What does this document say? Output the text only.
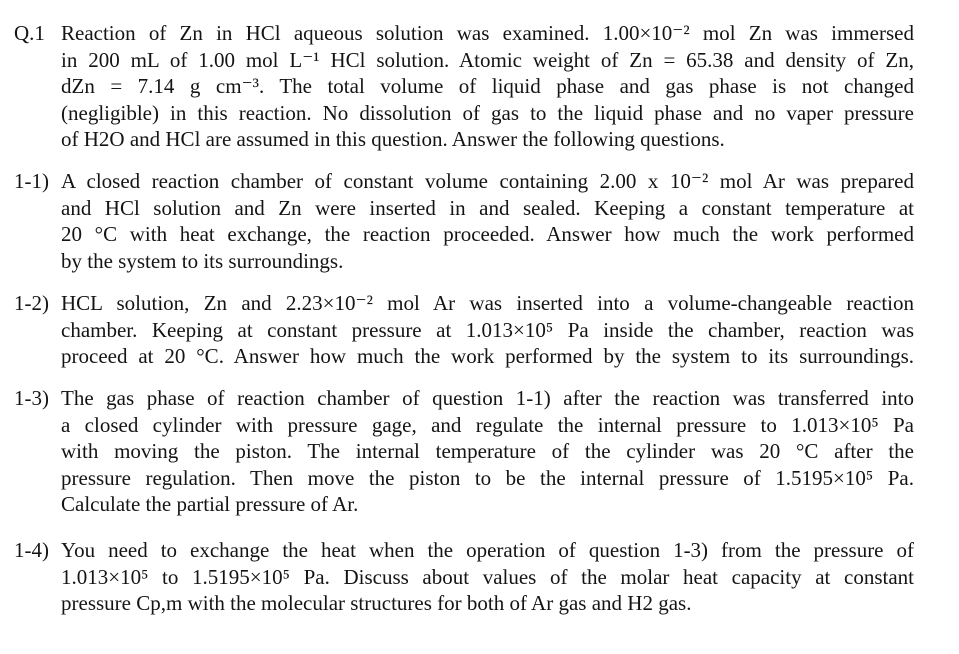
Q.1 Reaction of Zn in HCl aqueous solution was examined. 1.00×10⁻² mol Zn was immersed
in 200 mL of 1.00 mol L⁻¹ HCl solution. Atomic weight of Zn = 65.38 and density of Zn,
dZn = 7.14 g cm⁻³. The total volume of liquid phase and gas phase is not changed
(negligible) in this reaction. No dissolution of gas to the liquid phase and no vaper pressure
of H2O and HCl are assumed in this question. Answer the following questions.
1-1) A closed reaction chamber of constant volume containing 2.00 x 10⁻² mol Ar was prepared
and HCl solution and Zn were inserted in and sealed. Keeping a constant temperature at
20 °C with heat exchange, the reaction proceeded. Answer how much the work performed
by the system to its surroundings.
1-2) HCL solution, Zn and 2.23×10⁻² mol Ar was inserted into a volume-changeable reaction
chamber. Keeping at constant pressure at 1.013×10⁵ Pa inside the chamber, reaction was
proceed at 20 °C. Answer how much the work performed by the system to its surroundings.
1-3) The gas phase of reaction chamber of question 1-1) after the reaction was transferred into
a closed cylinder with pressure gage, and regulate the internal pressure to 1.013×10⁵ Pa
with moving the piston. The internal temperature of the cylinder was 20 °C after the
pressure regulation. Then move the piston to be the internal pressure of 1.5195×10⁵ Pa.
Calculate the partial pressure of Ar.
1-4) You need to exchange the heat when the operation of question 1-3) from the pressure of
1.013×10⁵ to 1.5195×10⁵ Pa. Discuss about values of the molar heat capacity at constant
pressure Cp,m with the molecular structures for both of Ar gas and H2 gas.
